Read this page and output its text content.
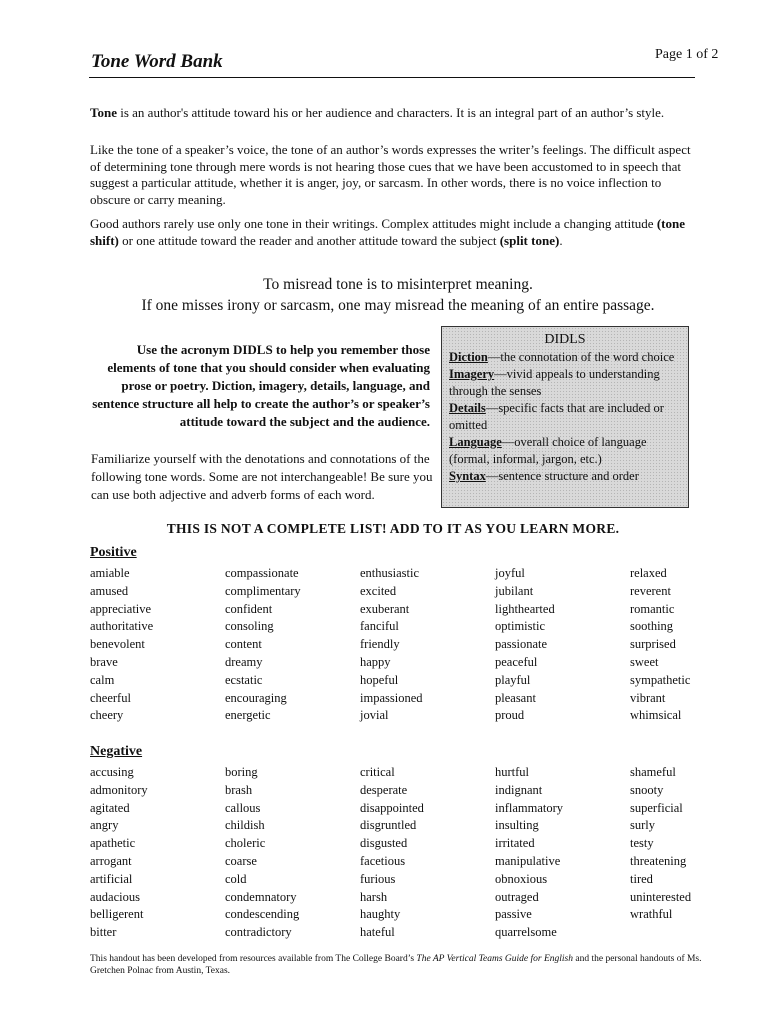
Tone Word Bank	Page 1 of 2
Tone is an author's attitude toward his or her audience and characters. It is an integral part of an author’s style.
Like the tone of a speaker’s voice, the tone of an author’s words expresses the writer’s feelings. The difficult aspect of determining tone through mere words is not hearing those cues that we have been accustomed to in speech that suggest a particular attitude, whether it is anger, joy, or sarcasm. In other words, there is no voice inflection to obscure or carry meaning.
Good authors rarely use only one tone in their writings. Complex attitudes might include a changing attitude (tone shift) or one attitude toward the reader and another attitude toward the subject (split tone).
To misread tone is to misinterpret meaning.
If one misses irony or sarcasm, one may misread the meaning of an entire passage.
Use the acronym DIDLS to help you remember those elements of tone that you should consider when evaluating prose or poetry. Diction, imagery, details, language, and sentence structure all help to create the author’s or speaker’s attitude toward the subject and the audience.
Familiarize yourself with the denotations and connotations of the following tone words. Some are not interchangeable! Be sure you can use both adjective and adverb forms of each word.
DIDLS
Diction—the connotation of the word choice
Imagery—vivid appeals to understanding through the senses
Details—specific facts that are included or omitted
Language—overall choice of language (formal, informal, jargon, etc.)
Syntax—sentence structure and order
THIS IS NOT A COMPLETE LIST! ADD TO IT AS YOU LEARN MORE.
Positive
amiable
amused
appreciative
authoritative
benevolent
brave
calm
cheerful
cheery
compassionate
complimentary
confident
consoling
content
dreamy
ecstatic
encouraging
energetic
enthusiastic
excited
exuberant
fanciful
friendly
happy
hopeful
impassioned
jovial
joyful
jubilant
lighthearted
optimistic
passionate
peaceful
playful
pleasant
proud
relaxed
reverent
romantic
soothing
surprised
sweet
sympathetic
vibrant
whimsical
Negative
accusing
admonitory
agitated
angry
apathetic
arrogant
artificial
audacious
belligerent
bitter
boring
brash
callous
childish
choleric
coarse
cold
condemnatory
condescending
contradictory
critical
desperate
disappointed
disgruntled
disgusted
facetious
furious
harsh
haughty
hateful
hurtful
indignant
inflammatory
insulting
irritated
manipulative
obnoxious
outraged
passive
quarrelsome
shameful
snooty
superficial
surly
testy
threatening
tired
uninterested
wrathful
This handout has been developed from resources available from The College Board’s The AP Vertical Teams Guide for English and the personal handouts of Ms. Gretchen Polnac from Austin, Texas.
